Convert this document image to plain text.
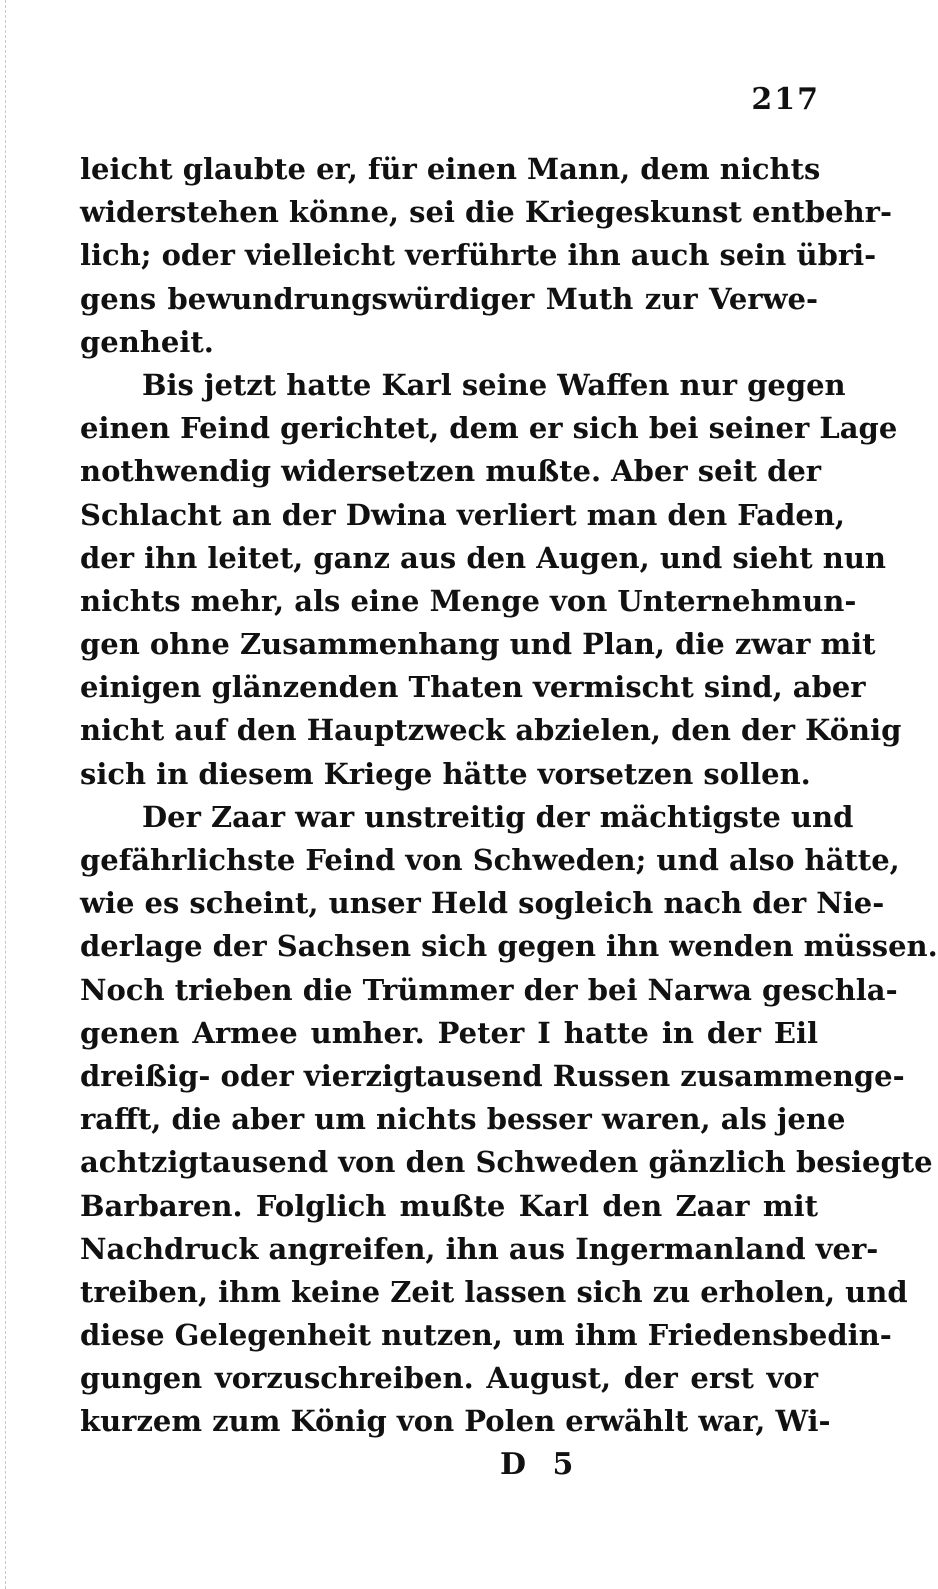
217
leicht glaubte er, für einen Mann, dem nichts
widerstehen könne, sei die Kriegeskunst entbehr-
lich; oder vielleicht verführte ihn auch sein übri-
gens bewundrungswürdiger Muth zur Verwe-
genheit.
Bis jetzt hatte Karl seine Waffen nur gegen
einen Feind gerichtet, dem er sich bei seiner Lage
nothwendig widersetzen mußte. Aber seit der
Schlacht an der Dwina verliert man den Faden,
der ihn leitet, ganz aus den Augen, und sieht nun
nichts mehr, als eine Menge von Unternehmun-
gen ohne Zusammenhang und Plan, die zwar mit
einigen glänzenden Thaten vermischt sind, aber
nicht auf den Hauptzweck abzielen, den der König
sich in diesem Kriege hätte vorsetzen sollen.
Der Zaar war unstreitig der mächtigste und
gefährlichste Feind von Schweden; und also hätte,
wie es scheint, unser Held sogleich nach der Nie-
derlage der Sachsen sich gegen ihn wenden müssen.
Noch trieben die Trümmer der bei Narwa geschla-
genen Armee umher. Peter I hatte in der Eil
dreißig- oder vierzigtausend Russen zusammenge-
rafft, die aber um nichts besser waren, als jene
achtzigtausend von den Schweden gänzlich besiegte
Barbaren. Folglich mußte Karl den Zaar mit
Nachdruck angreifen, ihn aus Ingermanland ver-
treiben, ihm keine Zeit lassen sich zu erholen, und
diese Gelegenheit nutzen, um ihm Friedensbedin-
gungen vorzuschreiben. August, der erst vor
kurzem zum König von Polen erwählt war, Wi-
D 5
